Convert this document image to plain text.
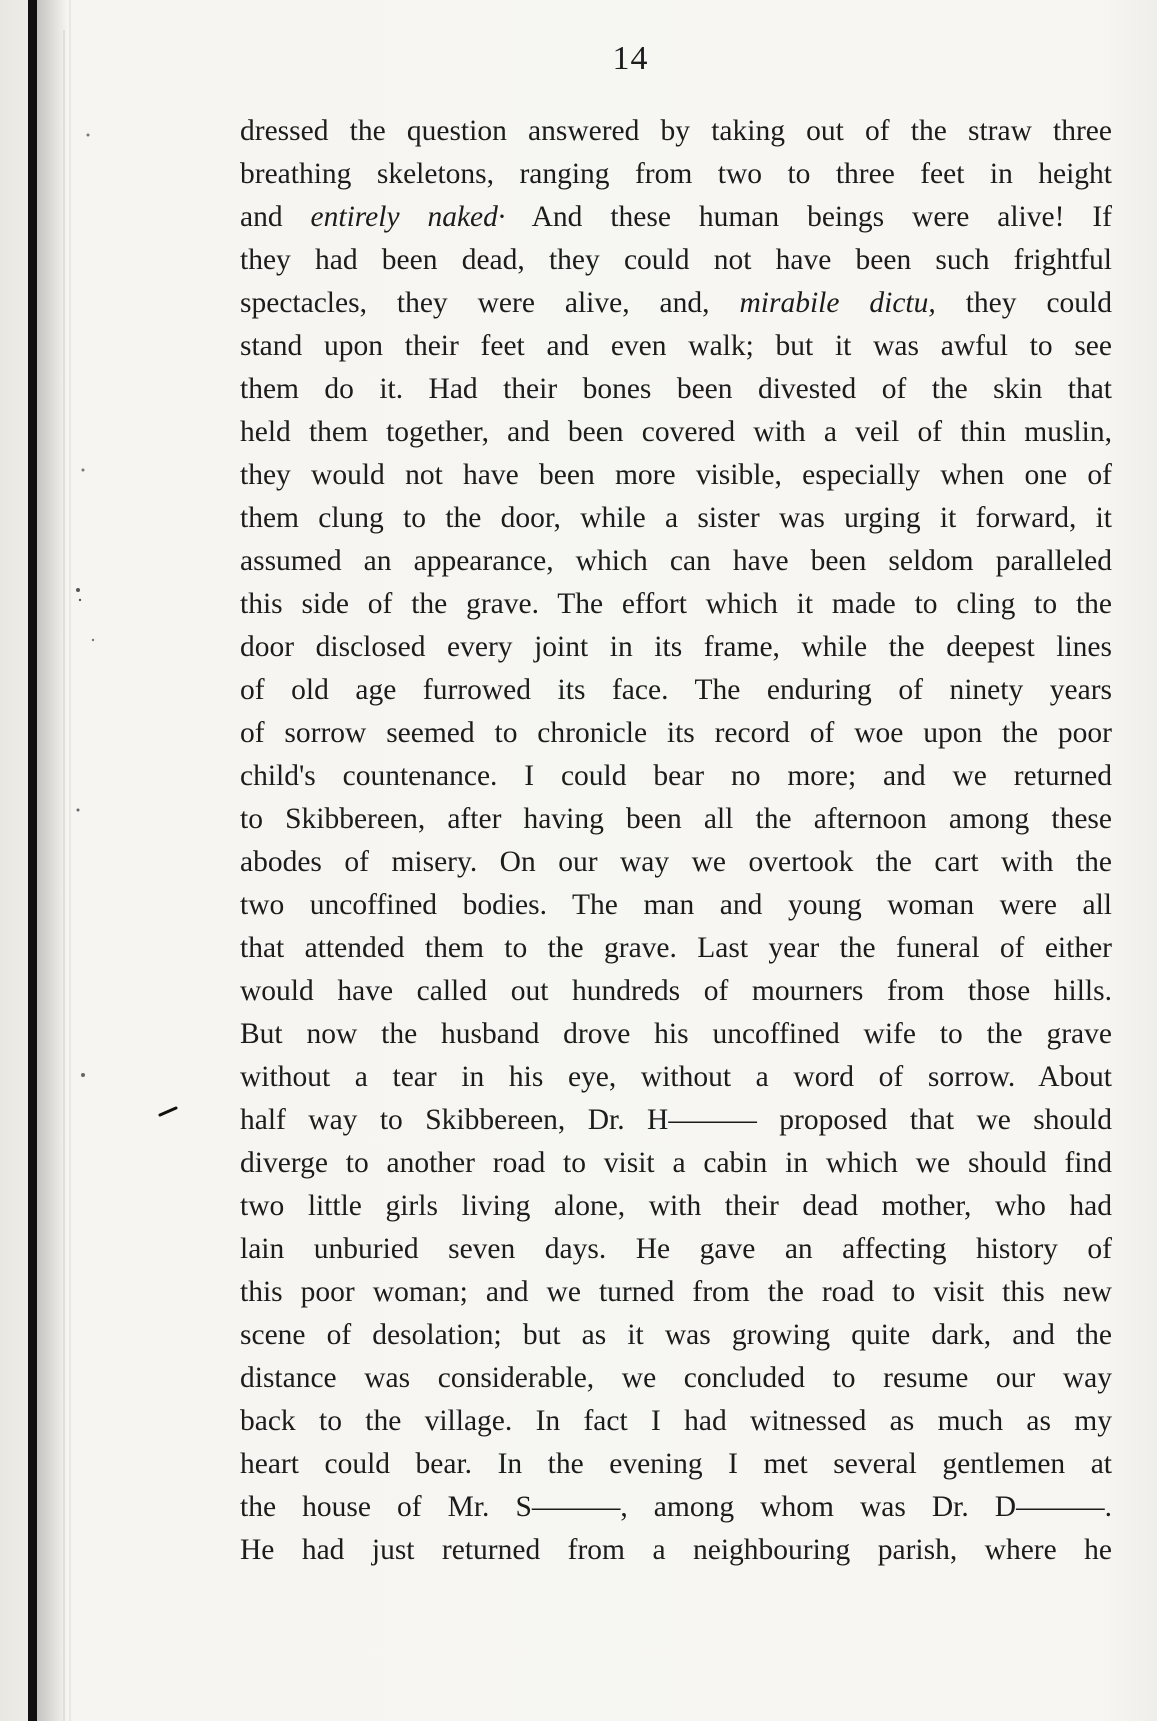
14
dressed the question answered by taking out of the straw three
breathing skeletons, ranging from two to three feet in height
and entirely naked· And these human beings were alive! If
they had been dead, they could not have been such frightful
spectacles, they were alive, and, mirabile dictu, they could
stand upon their feet and even walk; but it was awful to see
them do it. Had their bones been divested of the skin that
held them together, and been covered with a veil of thin muslin,
they would not have been more visible, especially when one of
them clung to the door, while a sister was urging it forward, it
assumed an appearance, which can have been seldom paralleled
this side of the grave. The effort which it made to cling to the
door disclosed every joint in its frame, while the deepest lines
of old age furrowed its face. The enduring of ninety years
of sorrow seemed to chronicle its record of woe upon the poor
child's countenance. I could bear no more; and we returned
to Skibbereen, after having been all the afternoon among these
abodes of misery. On our way we overtook the cart with the
two uncoffined bodies. The man and young woman were all
that attended them to the grave. Last year the funeral of either
would have called out hundreds of mourners from those hills.
But now the husband drove his uncoffined wife to the grave
without a tear in his eye, without a word of sorrow. About
half way to Skibbereen, Dr. H——— proposed that we should
diverge to another road to visit a cabin in which we should find
two little girls living alone, with their dead mother, who had
lain unburied seven days. He gave an affecting history of
this poor woman; and we turned from the road to visit this new
scene of desolation; but as it was growing quite dark, and the
distance was considerable, we concluded to resume our way
back to the village. In fact I had witnessed as much as my
heart could bear. In the evening I met several gentlemen at
the house of Mr. S———, among whom was Dr. D———.
He had just returned from a neighbouring parish, where he
